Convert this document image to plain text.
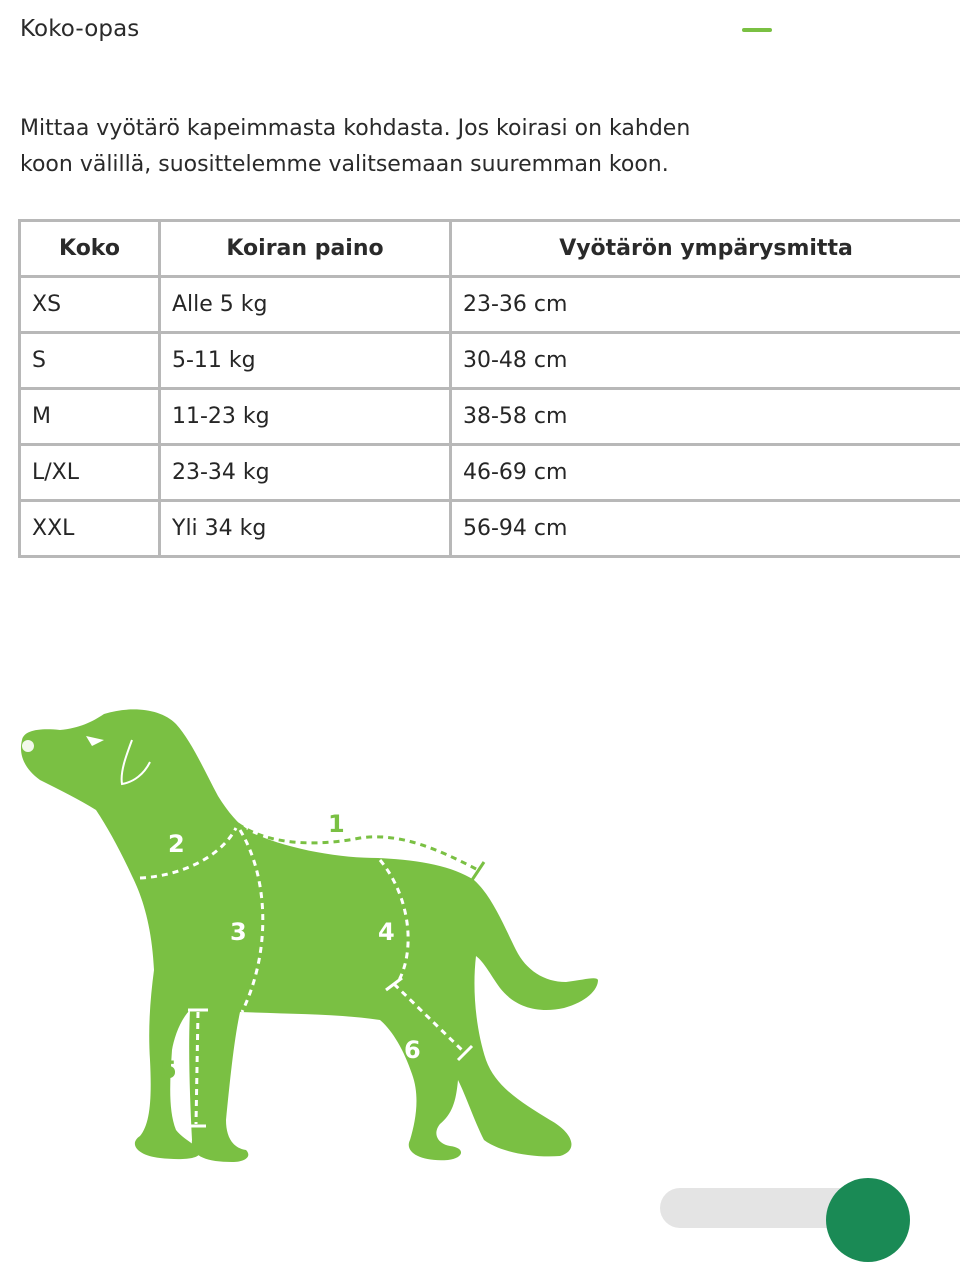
Koko-opas

Mittaa vyötärö kapeimmasta kohdasta. Jos koirasi on kahden
koon välillä, suosittelemme valitsemaan suuremman koon.

Koko	Koiran paino	Vyötärön ympärysmitta
XS	Alle 5 kg	23-36 cm
S	5-11 kg	30-48 cm
M	11-23 kg	38-58 cm
L/XL	23-34 kg	46-69 cm
XXL	Yli 34 kg	56-94 cm
1
2
3	4
5
6
